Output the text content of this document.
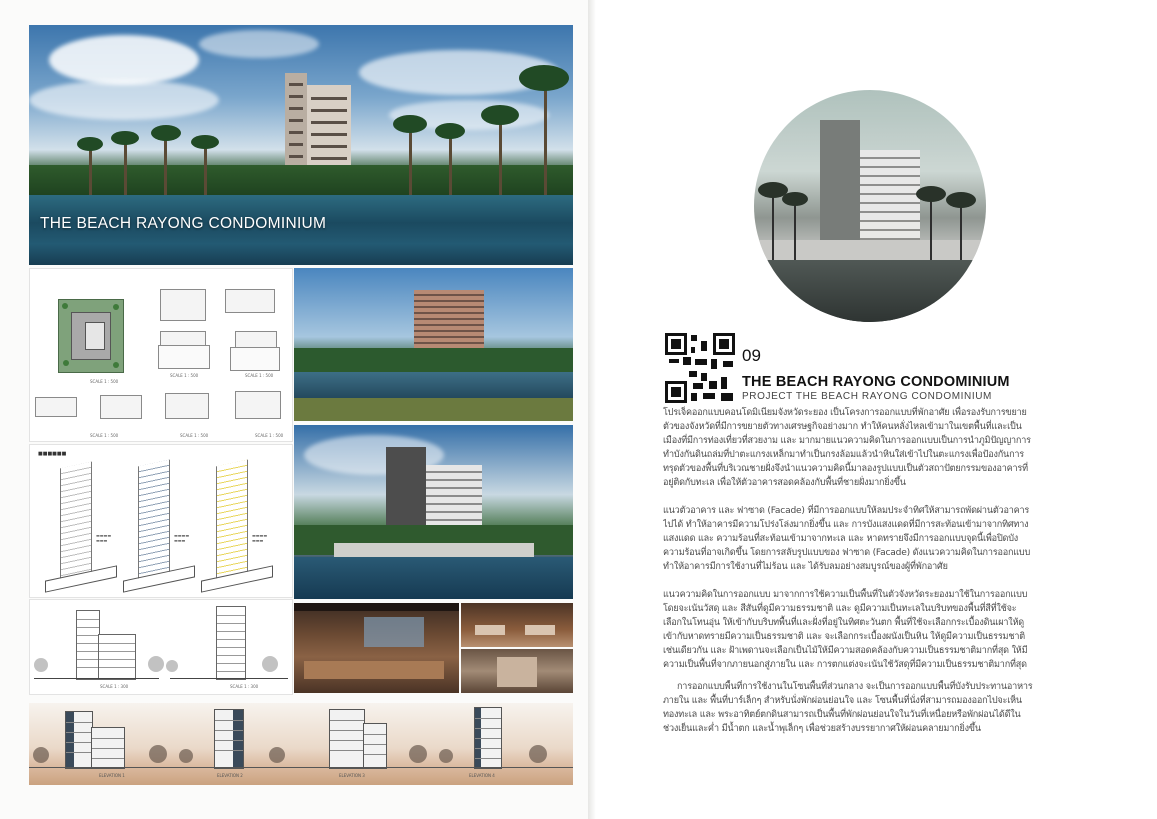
THE BEACH RAYONG CONDOMINIUM
SCALE 1 : 500
SCALE 1 : 500	SCALE 1 : 500
SCALE 1 : 500	SCALE 1 : 500	SCALE 1 : 500
■■■■■■
▬▬▬▬
▬▬▬
▬▬▬▬
▬▬▬
▬▬▬▬
▬▬▬
SCALE 1 : 300	SCALE 1 : 300
ELEVATION 1	ELEVATION 2	ELEVATION 3	ELEVATION 4
09
THE BEACH RAYONG CONDOMINIUM
PROJECT THE BEACH RAYONG CONDOMINIUM

โปรเจ็คออกแบบคอนโดมิเนียมจังหวัดระยอง เป็นโครงการออกแบบที่พักอาศัย เพื่อรองรับการขยายตัวของจังหวัดที่มีการขยายตัวทางเศรษฐกิจอย่างมาก ทำให้คนหลั่งไหลเข้ามาในเขตพื้นที่และเป็นเมืองที่มีการท่องเที่ยวที่สวยงาม และ มากมายแนวความคิดในการออกแบบเป็นการนำภูมิปัญญาการทำบังกันดินถล่มที่ปาตะแกรงเหล็กมาทำเป็นกรงล้อมแล้วนำหินใส่เข้าไปในตะแกรงเพื่อป้องกันการทรุดตัวของพื้นที่บริเวณชายฝั่งจึงนำแนวความคิดนี้มาลองรูปแบบเป็นตัวสถาปัตยกรรมของอาคารที่อยู่ติดกับทะเล เพื่อให้ตัวอาคารสอดคล้องกับพื้นที่ชายฝั่งมากยิ่งขึ้น

แนวตัวอาคาร และ ฟาซาด (Facade) ที่มีการออกแบบให้ลมประจำทิศให้สามารถพัดผ่านตัวอาคารไปได้ ทำให้อาคารมีความโปร่งโล่งมากยิ่งขึ้น และ การบังแสงแดดที่มีการสะท้อนเข้ามาจากทิศทางแสงแดด และ ความร้อนที่สะท้อนเข้ามาจากทะเล และ หาดทรายจึงมีการออกแบบจุดนี้เพื่อปิดบังความร้อนที่อาจเกิดขึ้น โดยการสลับรูปแบบของ ฟาซาด (Facade) ดังแนวความคิดในการออกแบบทำให้อาคารมีการใช้งานที่ไม่ร้อน และ ได้รับลมอย่างสมบูรณ์ของผู้ที่พักอาศัย

แนวความคิดในการออกแบบ มาจากการใช้ความเป็นพื้นที่ในตัวจังหวัดระยองมาใช้ในการออกแบบโดยจะเน้นวัสดุ และ สีสันที่ดูมีความธรรมชาติ และ ดูมีความเป็นทะเลในบริบทของพื้นที่สีที่ใช้จะเลือกในโทนอุ่น ให้เข้ากับบริบทพื้นที่และฝั่งที่อยู่ในทิศตะวันตก พื้นที่ใช้จะเลือกกระเบื้องดินเผาให้ดูเข้ากับหาดทรายมีความเป็นธรรมชาติ และ จะเลือกกระเบื้องผนังเป็นหิน ให้ดูมีความเป็นธรรมชาติเช่นเดียวกัน และ ฝ้าเพดานจะเลือกเป็นไม้ให้มีความสอดคล้องกับความเป็นธรรมชาติมากที่สุด ให้มีความเป็นพื้นที่จากภายนอกสู่ภายใน และ การตกแต่งจะเน้นใช้วัสดุที่มีความเป็นธรรมชาติมากที่สุด

การออกแบบพื้นที่การใช้งานในโซนพื้นที่ส่วนกลาง จะเป็นการออกแบบพื้นที่บังรับประทานอาหารภายใน และ พื้นที่บาร์เล็กๆ สำหรับนั่งพักผ่อนย่อนใจ และ โซนพื้นที่นั่งที่สามารถมองออกไปจะเห็นทองทะเล และ พระอาทิตย์ตกดินสามารถเป็นพื้นที่พักผ่อนย่อนใจในวันที่เหนื่อยหรือพักผ่อนได้ดีในช่วงเย็นและค่ำ มีน้ำตก และน้ำพุเล็กๆ เพื่อช่วยสร้างบรรยากาศให้ผ่อนคลายมากยิ่งขึ้น
